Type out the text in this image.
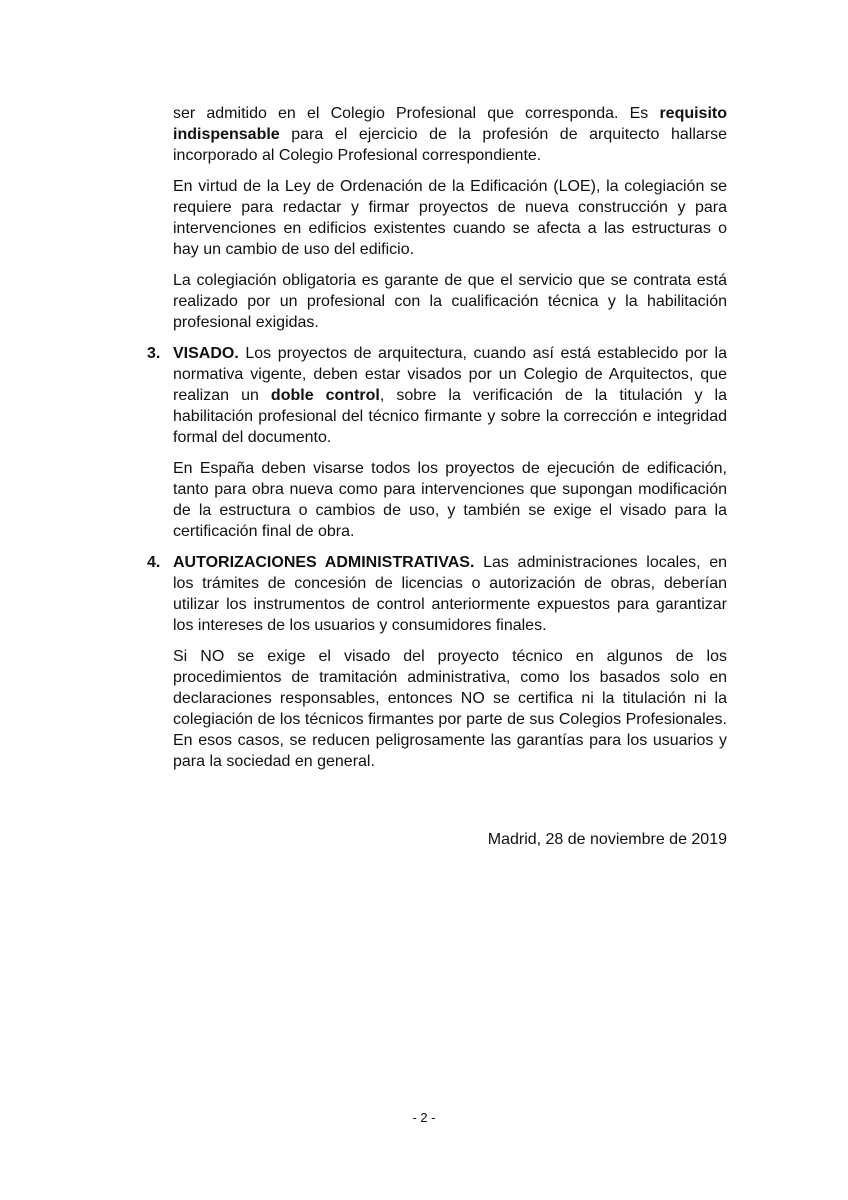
ser admitido en el Colegio Profesional que corresponda. Es requisito indispensable para el ejercicio de la profesión de arquitecto hallarse incorporado al Colegio Profesional correspondiente.

En virtud de la Ley de Ordenación de la Edificación (LOE), la colegiación se requiere para redactar y firmar proyectos de nueva construcción y para intervenciones en edificios existentes cuando se afecta a las estructuras o hay un cambio de uso del edificio.

La colegiación obligatoria es garante de que el servicio que se contrata está realizado por un profesional con la cualificación técnica y la habilitación profesional exigidas.

3. VISADO. Los proyectos de arquitectura, cuando así está establecido por la normativa vigente, deben estar visados por un Colegio de Arquitectos, que realizan un doble control, sobre la verificación de la titulación y la habilitación profesional del técnico firmante y sobre la corrección e integridad formal del documento.

En España deben visarse todos los proyectos de ejecución de edificación, tanto para obra nueva como para intervenciones que supongan modificación de la estructura o cambios de uso, y también se exige el visado para la certificación final de obra.

4. AUTORIZACIONES ADMINISTRATIVAS. Las administraciones locales, en los trámites de concesión de licencias o autorización de obras, deberían utilizar los instrumentos de control anteriormente expuestos para garantizar los intereses de los usuarios y consumidores finales.

Si NO se exige el visado del proyecto técnico en algunos de los procedimientos de tramitación administrativa, como los basados solo en declaraciones responsables, entonces NO se certifica ni la titulación ni la colegiación de los técnicos firmantes por parte de sus Colegios Profesionales. En esos casos, se reducen peligrosamente las garantías para los usuarios y para la sociedad en general.

Madrid, 28 de noviembre de 2019
- 2 -
